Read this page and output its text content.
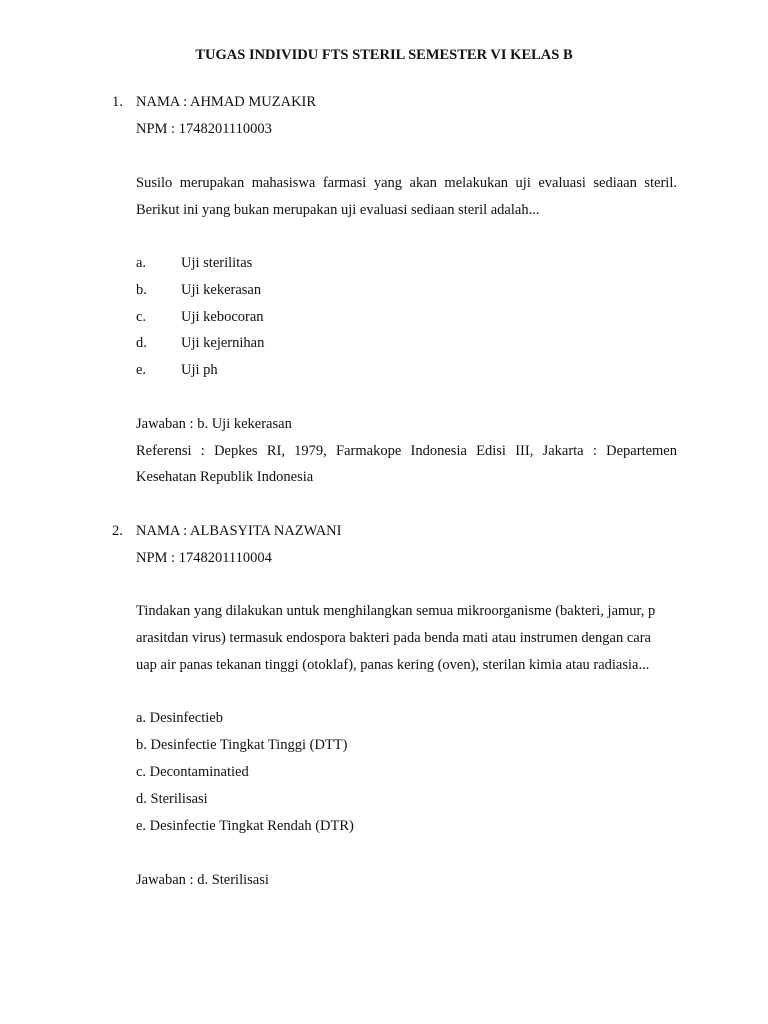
TUGAS INDIVIDU FTS STERIL SEMESTER VI KELAS B
1. NAMA : AHMAD MUZAKIR
NPM : 1748201110003
Susilo merupakan mahasiswa farmasi yang akan melakukan uji evaluasi sediaan steril.
Berikut ini yang bukan merupakan uji evaluasi sediaan steril adalah...
a. Uji sterilitas
b. Uji kekerasan
c. Uji kebocoran
d. Uji kejernihan
e. Uji ph
Jawaban : b. Uji kekerasan
Referensi : Depkes RI, 1979, Farmakope Indonesia Edisi III, Jakarta : Departemen
Kesehatan Republik Indonesia
2. NAMA : ALBASYITA NAZWANI
NPM : 1748201110004
Tindakan yang dilakukan untuk menghilangkan semua mikroorganisme (bakteri, jamur, p
arasitdan virus) termasuk endospora bakteri pada benda mati atau instrumen dengan cara
uap air panas tekanan tinggi (otoklaf), panas kering (oven), sterilan kimia atau radiasia...
a. Desinfectieb
b. Desinfectie Tingkat Tinggi (DTT)
c. Decontaminatied
d. Sterilisasi
e. Desinfectie Tingkat Rendah (DTR)
Jawaban : d. Sterilisasi
